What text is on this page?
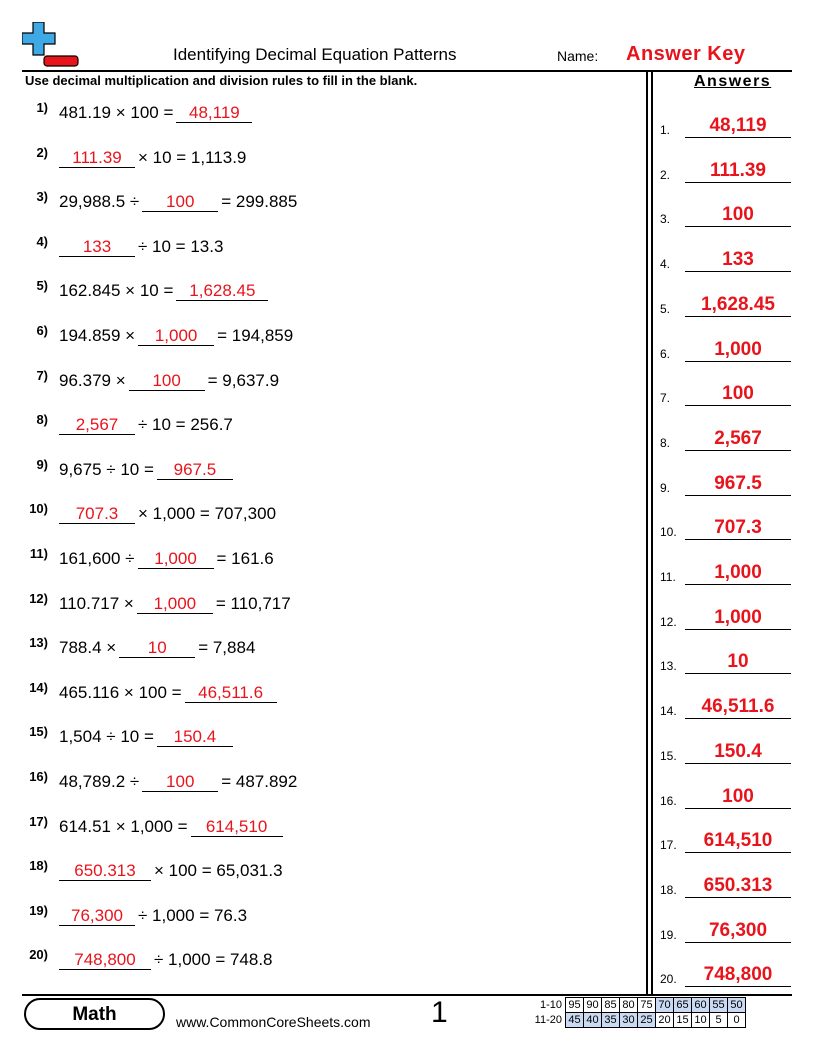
Identifying Decimal Equation Patterns	Name: Answer Key
Use decimal multiplication and division rules to fill in the blank.	Answers
1) 481.19 × 100 = 48,119
2)	111.39 × 10 = 1,113.9
3) 29,988.5 ÷	100	= 299.885
4)	133	÷ 10 = 13.3
5) 162.845 × 10 = 1,628.45
6) 194.859 ×	1,000	= 194,859
7) 96.379 ×	100	= 9,637.9
8)	2,567	÷ 10 = 256.7
9) 9,675 ÷ 10 =	967.5
10)	707.3	× 1,000 = 707,300
11) 161,600 ÷	1,000	= 161.6
12) 110.717 ×	1,000	= 110,717
13) 788.4 ×	10	= 7,884
14) 465.116 × 100 = 46,511.6
15) 1,504 ÷ 10 =	150.4
16) 48,789.2 ÷	100	= 487.892
17) 614.51 × 1,000 =	614,510
18)	650.313	× 100 = 65,031.3
19)	76,300 ÷ 1,000 = 76.3
20)	748,800	÷ 1,000 = 748.8
1.	48,119
2.	111.39
3.	100
4.	133
5.	1,628.45
6.	1,000
7.	100
8.	2,567
9.	967.5
10.	707.3
11.	1,000
12.	1,000
13.	10
14.	46,511.6
15.	150.4
16.	100
17.	614,510
18.	650.313
19.	76,300
20.	748,800
Math	www.CommonCoreSheets.com 1	1-10	95	90	85	80	75	70	65	60	55	50
11-20	45	40	35	30	25	20	15	10	5	0
